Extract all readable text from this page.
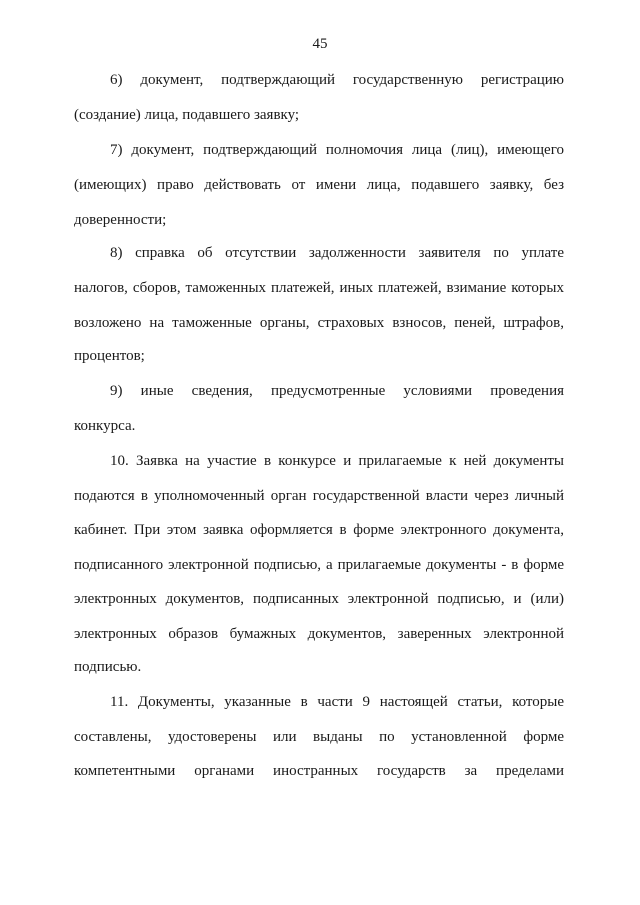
45
6) документ, подтверждающий государственную регистрацию
(создание) лица, подавшего заявку;
7) документ, подтверждающий полномочия лица (лиц), имеющего
(имеющих) право действовать от имени лица, подавшего заявку, без
доверенности;
8) справка об отсутствии задолженности заявителя по уплате
налогов, сборов, таможенных платежей, иных платежей, взимание которых
возложено на таможенные органы, страховых взносов, пеней, штрафов,
процентов;
9) иные сведения, предусмотренные условиями проведения
конкурса.
10. Заявка на участие в конкурсе и прилагаемые к ней документы
подаются в уполномоченный орган государственной власти через личный
кабинет. При этом заявка оформляется в форме электронного документа,
подписанного электронной подписью, а прилагаемые документы - в форме
электронных документов, подписанных электронной подписью, и (или)
электронных образов бумажных документов, заверенных электронной
подписью.
11. Документы, указанные в части 9 настоящей статьи, которые
составлены, удостоверены или выданы по установленной форме
компетентными органами иностранных государств за пределами
